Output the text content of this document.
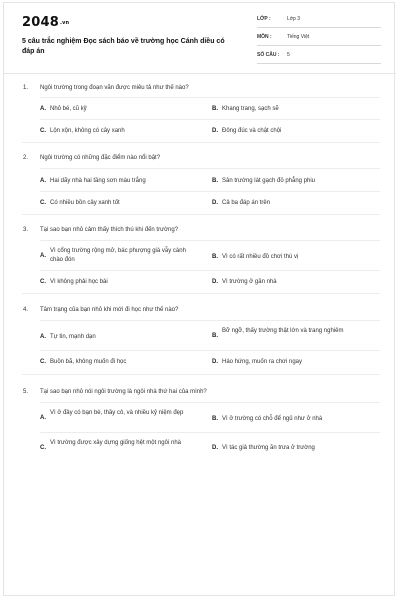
2048.vn
5 câu trắc nghiệm Đọc sách báo về trường học Cánh diều có đáp án
LỚP :	Lớp 3
MÔN :	Tiếng Việt
SỐ CÂU : 5
1. Ngôi trường trong đoạn văn được miêu tả như thế nào?
A. Nhỏ bé, cũ kỹ	B. Khang trang, sạch sẽ
C. Lộn xộn, không có cây xanh	D. Đông đúc và chật chội
2. Ngôi trường có những đặc điểm nào nổi bật?
A. Hai dãy nhà hai tầng sơn màu trắng	B. Sân trường lát gạch đỏ phẳng phiu
C. Có nhiều bồn cây xanh tốt	D. Cả ba đáp án trên
3. Tại sao bạn nhỏ cảm thấy thích thú khi đến trường?
A.
Vì cổng trường rộng mở, bác phượng già vẫy cành chào đón	B. Vì có rất nhiều đồ chơi thú vị
C. Vì không phải học bài	D. Vì trường ở gần nhà
4. Tâm trạng của bạn nhỏ khi mới đi học như thế nào?
A. Tự tin, mạnh dạn	B.
Bỡ ngỡ, thấy trường thật lớn và trang nghiêm
C. Buồn bã, không muốn đi học	D. Háo hứng, muốn ra chơi ngay
5. Tại sao bạn nhỏ nói ngôi trường là ngôi nhà thứ hai của mình?
A.
Vì ở đây có bạn bè, thầy cô, và nhiều kỷ niệm đẹp
B. Vì ở trường có chỗ để ngủ như ở nhà
C.
Vì trường được xây dựng giống hệt một ngôi nhà
D. Vì tác giả thường ăn trưa ở trường
